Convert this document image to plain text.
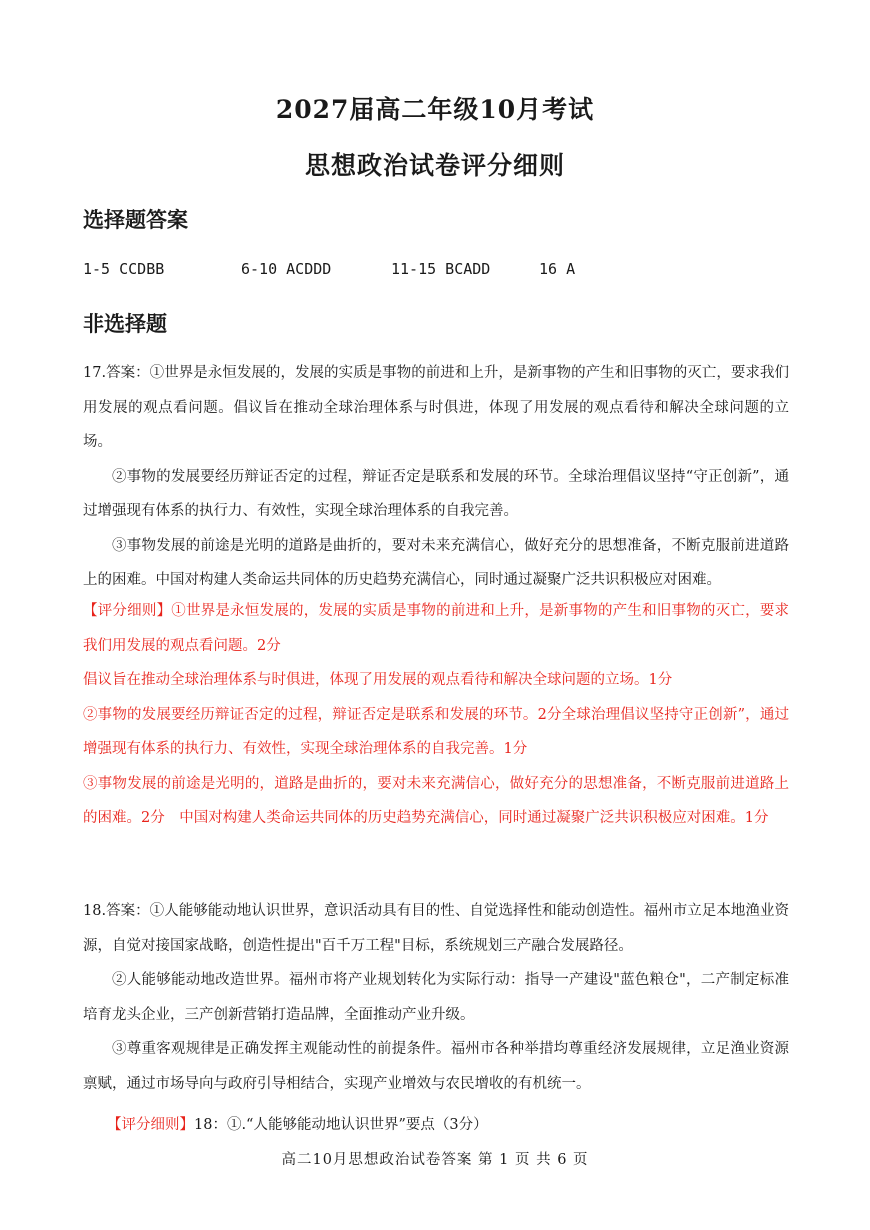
2027届高二年级10月考试
思想政治试卷评分细则
选择题答案

1-5 CCDBB

	6-10 ACDDD

	11-15 BCADD

	16 A

非选择题

17.答案：①世界是永恒发展的，发展的实质是事物的前进和上升，是新事物的产生和旧事物的灭亡，要求我们用发展的观点看问题。倡议旨在推动全球治理体系与时俱进，体现了用发展的观点看待和解决全球问题的立场。

②事物的发展要经历辩证否定的过程，辩证否定是联系和发展的环节。全球治理倡议坚持“守正创新”，通过增强现有体系的执行力、有效性，实现全球治理体系的自我完善。

③事物发展的前途是光明的道路是曲折的，要对未来充满信心，做好充分的思想准备，不断克服前进道路上的困难。中国对构建人类命运共同体的历史趋势充满信心，同时通过凝聚广泛共识积极应对困难。

【评分细则】①世界是永恒发展的，发展的实质是事物的前进和上升，是新事物的产生和旧事物的灭亡，要求我们用发展的观点看问题。2分

倡议旨在推动全球治理体系与时俱进，体现了用发展的观点看待和解决全球问题的立场。1分

②事物的发展要经历辩证否定的过程，辩证否定是联系和发展的环节。2分全球治理倡议坚持守正创新”，通过增强现有体系的执行力、有效性，实现全球治理体系的自我完善。1分

③事物发展的前途是光明的，道路是曲折的，要对未来充满信心，做好充分的思想准备，不断克服前进道路上的困难。2分　中国对构建人类命运共同体的历史趋势充满信心，同时通过凝聚广泛共识积极应对困难。1分

18.答案：①人能够能动地认识世界，意识活动具有目的性、自觉选择性和能动创造性。福州市立足本地渔业资源，自觉对接国家战略，创造性提出"百千万工程"目标，系统规划三产融合发展路径。

②人能够能动地改造世界。福州市将产业规划转化为实际行动：指导一产建设"蓝色粮仓"，二产制定标准培育龙头企业，三产创新营销打造品牌，全面推动产业升级。

③尊重客观规律是正确发挥主观能动性的前提条件。福州市各种举措均尊重经济发展规律，立足渔业资源禀赋，通过市场导向与政府引导相结合，实现产业增效与农民增收的有机统一。

【评分细则】18：①.“人能够能动地认识世界”要点（3分）

高二10月思想政治试卷答案 第 1 页 共 6 页
